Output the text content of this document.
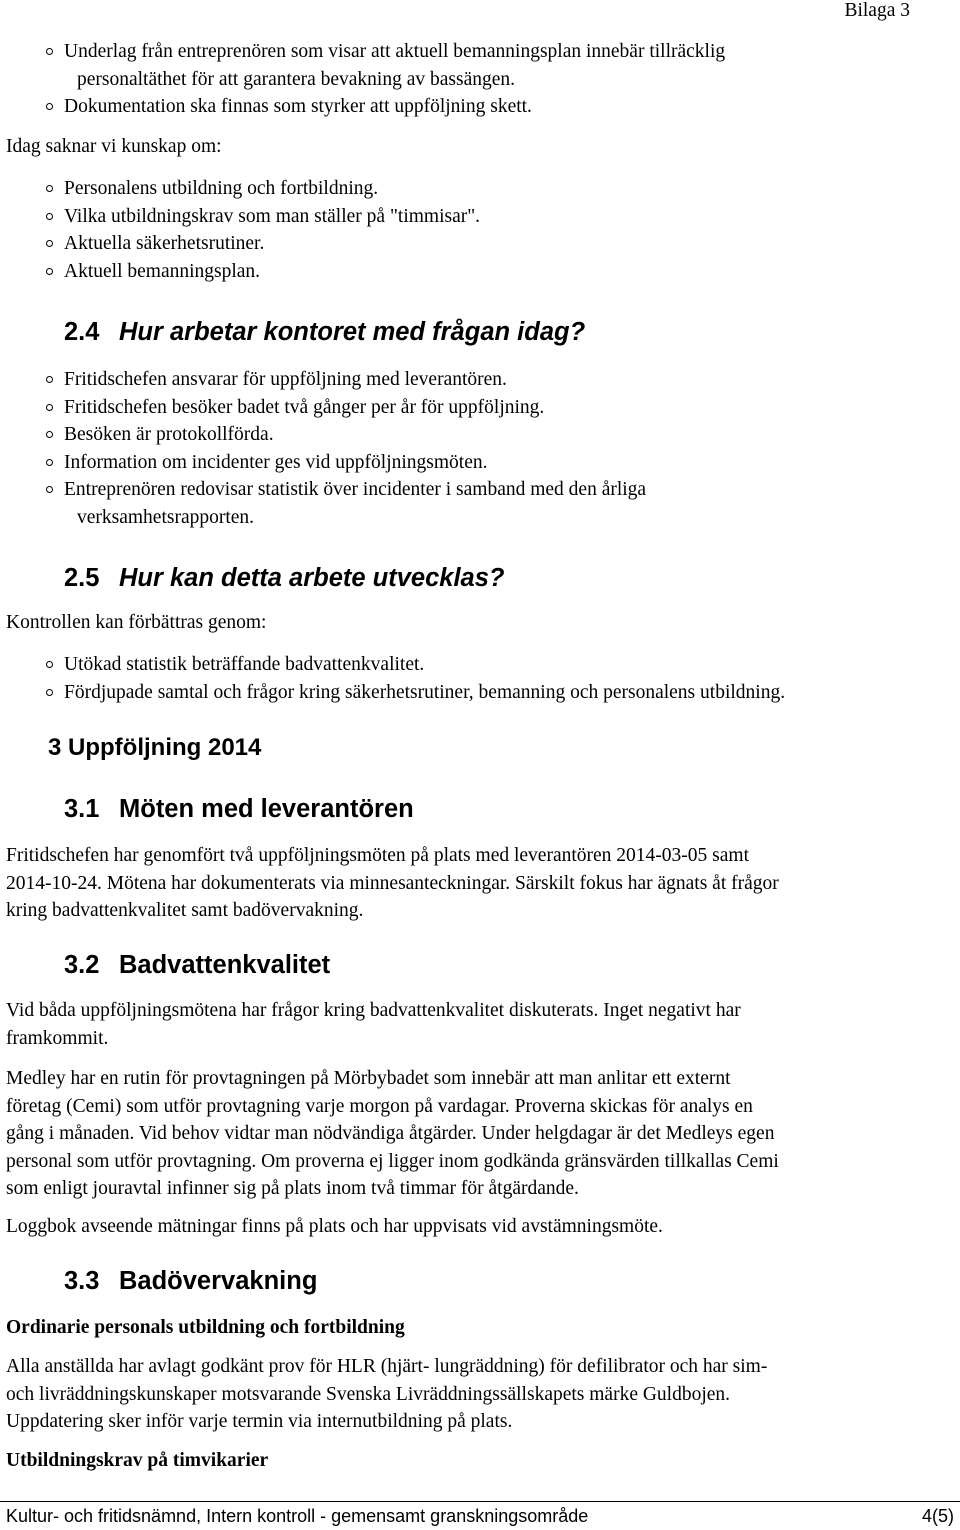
Bilaga 3
Underlag från entreprenören som visar att aktuell bemanningsplan innebär tillräcklig
personaltäthet för att garantera bevakning av bassängen.
Dokumentation ska finnas som styrker att uppföljning skett.
Idag saknar vi kunskap om:
Personalens utbildning och fortbildning.
Vilka utbildningskrav som man ställer på "timmisar".
Aktuella säkerhetsrutiner.
Aktuell bemanningsplan.
2.4 Hur arbetar kontoret med frågan idag?
Fritidschefen ansvarar för uppföljning med leverantören.
Fritidschefen besöker badet två gånger per år för uppföljning.
Besöken är protokollförda.
Information om incidenter ges vid uppföljningsmöten.
Entreprenören redovisar statistik över incidenter i samband med den årliga
verksamhetsrapporten.
2.5 Hur kan detta arbete utvecklas?
Kontrollen kan förbättras genom:
Utökad statistik beträffande badvattenkvalitet.
Fördjupade samtal och frågor kring säkerhetsrutiner, bemanning och personalens utbildning.
3 Uppföljning 2014
3.1 Möten med leverantören
Fritidschefen har genomfört två uppföljningsmöten på plats med leverantören 2014-03-05 samt
2014-10-24. Mötena har dokumenterats via minnesanteckningar. Särskilt fokus har ägnats åt frågor
kring badvattenkvalitet samt badövervakning.
3.2 Badvattenkvalitet
Vid båda uppföljningsmötena har frågor kring badvattenkvalitet diskuterats. Inget negativt har
framkommit.
Medley har en rutin för provtagningen på Mörbybadet som innebär att man anlitar ett externt
företag (Cemi) som utför provtagning varje morgon på vardagar. Proverna skickas för analys en
gång i månaden. Vid behov vidtar man nödvändiga åtgärder. Under helgdagar är det Medleys egen
personal som utför provtagning. Om proverna ej ligger inom godkända gränsvärden tillkallas Cemi
som enligt jouravtal infinner sig på plats inom två timmar för åtgärdande.
Loggbok avseende mätningar finns på plats och har uppvisats vid avstämningsmöte.
3.3 Badövervakning
Ordinarie personals utbildning och fortbildning
Alla anställda har avlagt godkänt prov för HLR (hjärt- lungräddning) för defilibrator och har sim-
och livräddningskunskaper motsvarande Svenska Livräddningssällskapets märke Guldbojen.
Uppdatering sker inför varje termin via internutbildning på plats.
Utbildningskrav på timvikarier
Kultur- och fritidsnämnd, Intern kontroll - gemensamt granskningsområde	4(5)
